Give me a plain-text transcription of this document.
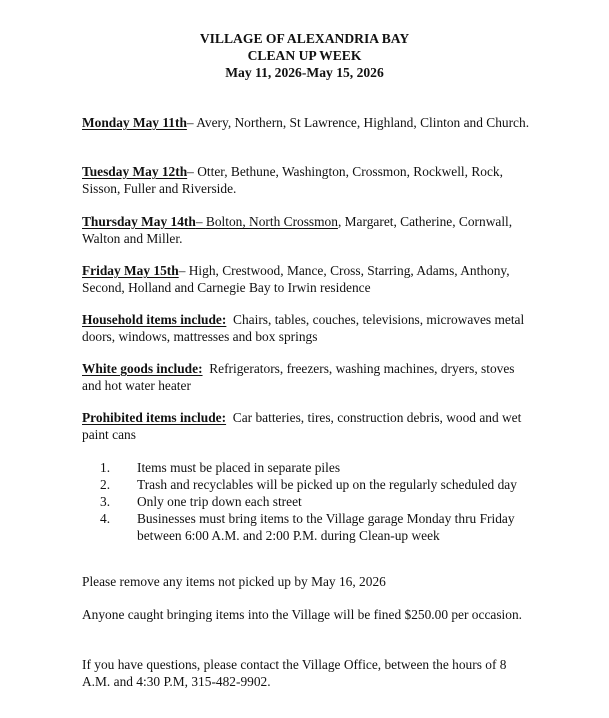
VILLAGE OF ALEXANDRIA BAY
CLEAN UP WEEK
May 11, 2026-May 15, 2026
Monday May 11th– Avery, Northern, St Lawrence, Highland, Clinton and Church.
Tuesday May 12th– Otter, Bethune, Washington, Crossmon, Rockwell, Rock, Sisson, Fuller and Riverside.
Thursday May 14th– Bolton, North Crossmon, Margaret, Catherine, Cornwall, Walton and Miller.
Friday May 15th– High, Crestwood, Mance, Cross, Starring, Adams, Anthony, Second, Holland and Carnegie Bay to Irwin residence
Household items include:  Chairs, tables, couches, televisions, microwaves metal doors, windows, mattresses and box springs
White goods include:  Refrigerators, freezers, washing machines, dryers, stoves and hot water heater
Prohibited items include:  Car batteries, tires, construction debris, wood and wet paint cans
1. Items must be placed in separate piles
2. Trash and recyclables will be picked up on the regularly scheduled day
3. Only one trip down each street
4. Businesses must bring items to the Village garage Monday thru Friday between 6:00 A.M. and 2:00 P.M. during Clean-up week
Please remove any items not picked up by May 16, 2026
Anyone caught bringing items into the Village will be fined $250.00 per occasion.
If you have questions, please contact the Village Office, between the hours of 8 A.M. and 4:30 P.M, 315-482-9902.
